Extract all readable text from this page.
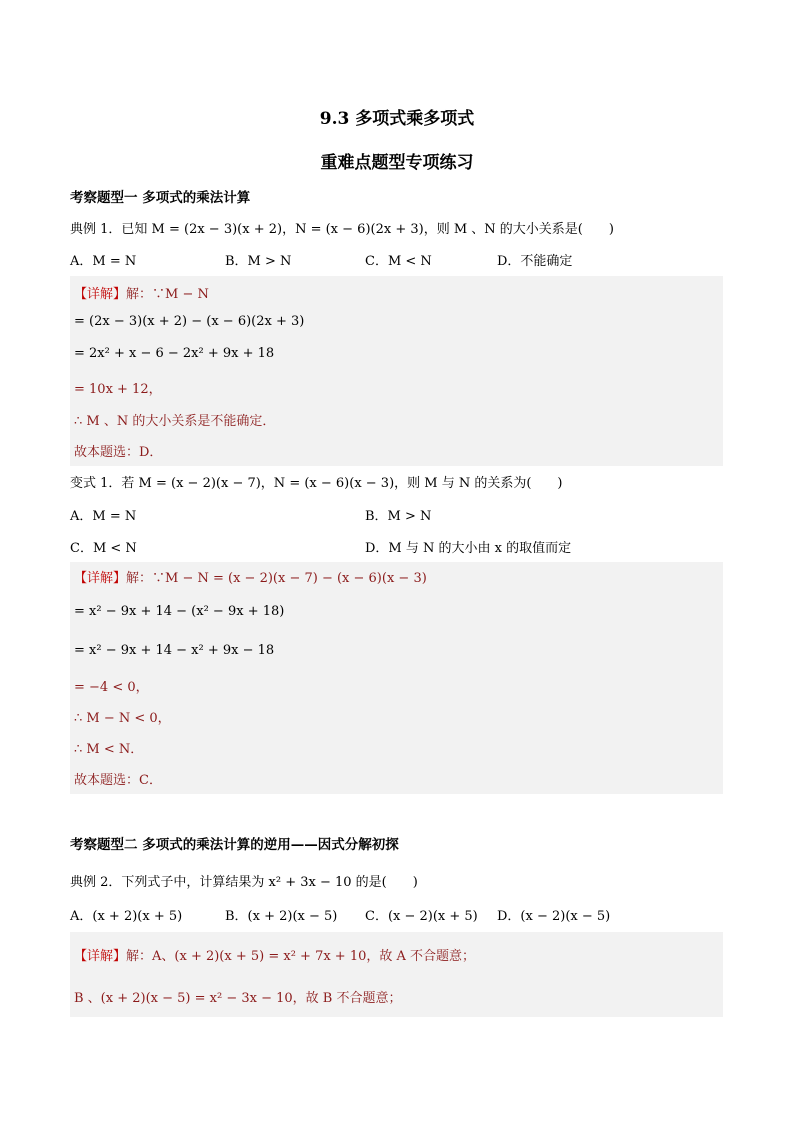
9.3 多项式乘多项式
重难点题型专项练习
考察题型一 多项式的乘法计算
典例 1．已知 M = (2x − 3)(x + 2)，N = (x − 6)(2x + 3)，则 M 、N 的大小关系是(　　)
A．M = N	B．M > N	C．M < N	D．不能确定
【详解】解：∵M − N
= (2x − 3)(x + 2) − (x − 6)(2x + 3)
= 2x² + x − 6 − 2x² + 9x + 18
= 10x + 12，
∴ M 、N 的大小关系是不能确定．
故本题选：D．
变式 1．若 M = (x − 2)(x − 7)，N = (x − 6)(x − 3)，则 M 与 N 的关系为(　　)
A．M = N	B．M > N
C．M < N	D．M 与 N 的大小由 x 的取值而定
【详解】解：∵M − N = (x − 2)(x − 7) − (x − 6)(x − 3)
= x² − 9x + 14 − (x² − 9x + 18)
= x² − 9x + 14 − x² + 9x − 18
= −4 < 0，
∴ M − N < 0，
∴ M < N．
故本题选：C．
考察题型二 多项式的乘法计算的逆用——因式分解初探
典例 2．下列式子中，计算结果为 x² + 3x − 10 的是(　　)
A．(x + 2)(x + 5)	B．(x + 2)(x − 5) C．(x − 2)(x + 5) D．(x − 2)(x − 5)
【详解】解：A、(x + 2)(x + 5) = x² + 7x + 10，故 A 不合题意；
B 、(x + 2)(x − 5) = x² − 3x − 10，故 B 不合题意；
